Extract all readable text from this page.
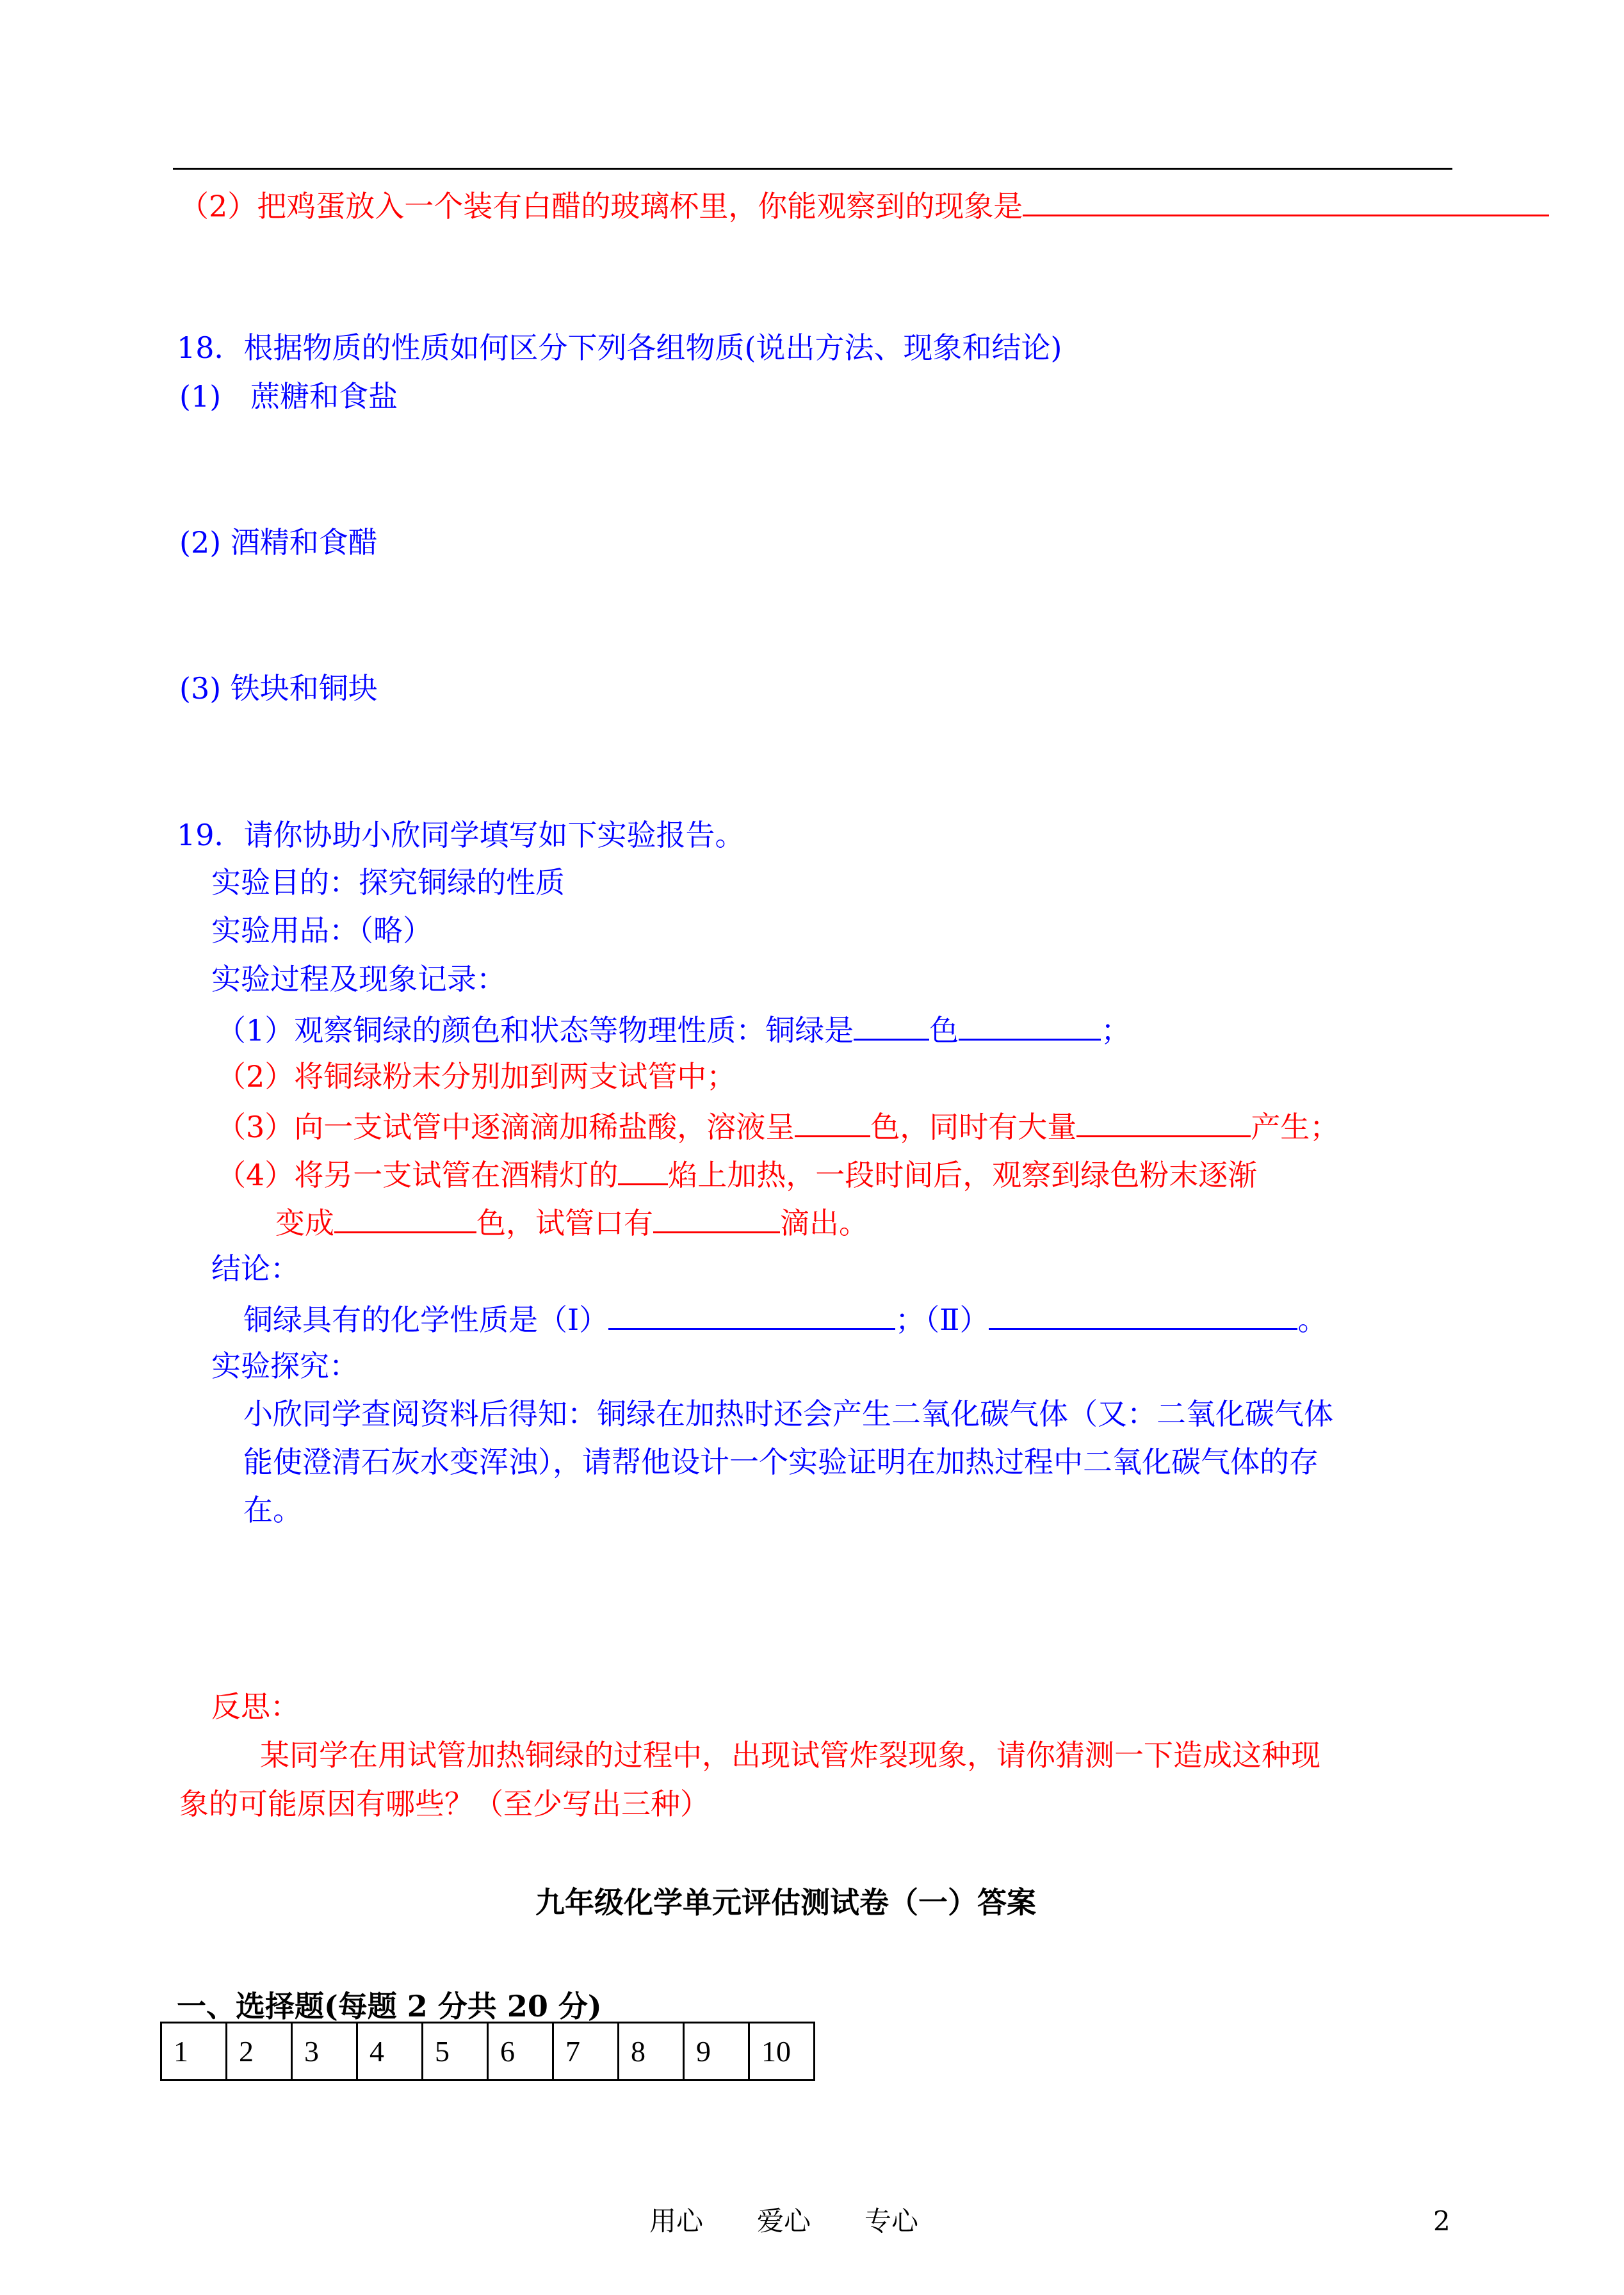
（2）把鸡蛋放入一个装有白醋的玻璃杯里，你能观察到的现象是
18．根据物质的性质如何区分下列各组物质(说出方法、现象和结论)
(1)　蔗糖和食盐
(2) 酒精和食醋
(3) 铁块和铜块
19．请你协助小欣同学填写如下实验报告。
实验目的：探究铜绿的性质
实验用品：（略）
实验过程及现象记录：
（1）观察铜绿的颜色和状态等物理性质：铜绿是	色	；
（2）将铜绿粉末分别加到两支试管中；
（3）向一支试管中逐滴滴加稀盐酸，溶液呈	色，同时有大量	产生；
（4）将另一支试管在酒精灯的 焰上加热，一段时间后，观察到绿色粉末逐渐
变成	色，试管口有	滴出。
结论：
铜绿具有的化学性质是（Ⅰ）	；（Ⅱ）	。
实验探究：
小欣同学查阅资料后得知：铜绿在加热时还会产生二氧化碳气体（又：二氧化碳气体
能使澄清石灰水变浑浊），请帮他设计一个实验证明在加热过程中二氧化碳气体的存
在。
反思：
某同学在用试管加热铜绿的过程中，出现试管炸裂现象，请你猜测一下造成这种现
象的可能原因有哪些？（至少写出三种）
九年级化学单元评估测试卷（一）答案
一、选择题(每题 2 分共 20 分)
1	2	3	4	5	6	7	8	9	10
用心　　爱心　　专心	2
